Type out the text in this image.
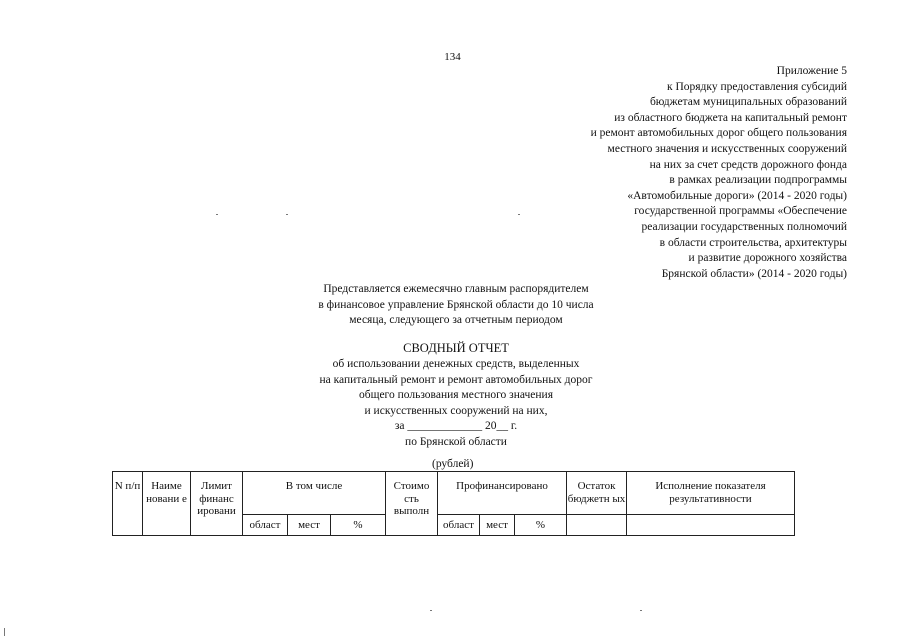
134
Приложение 5
к Порядку предоставления субсидий
бюджетам муниципальных образований
из областного бюджета на капитальный ремонт
и ремонт автомобильных дорог общего пользования
местного значения и искусственных сооружений
на них за счет средств дорожного фонда
в рамках реализации подпрограммы
«Автомобильные дороги» (2014 - 2020 годы)
государственной программы «Обеспечение
реализации государственных полномочий
в области строительства, архитектуры
и развитие дорожного хозяйства
Брянской области» (2014 - 2020 годы)
Представляется ежемесячно главным распорядителем
в финансовое управление Брянской области до 10 числа
месяца, следующего за отчетным периодом
СВОДНЫЙ ОТЧЕТ
об использовании денежных средств, выделенных
на капитальный ремонт и ремонт автомобильных дорог
общего пользования местного значения
и искусственных сооружений на них,
за _____________ 20__ г.
по Брянской области
(рублей)
N п/п	Наиме новани е	Лимит финанс ировани	В том числе			Стоимо сть выполн	Профинансировано			Остаток бюджетн ых	Исполнение показателя результативности
			област	мест	%		област	мест	%		
